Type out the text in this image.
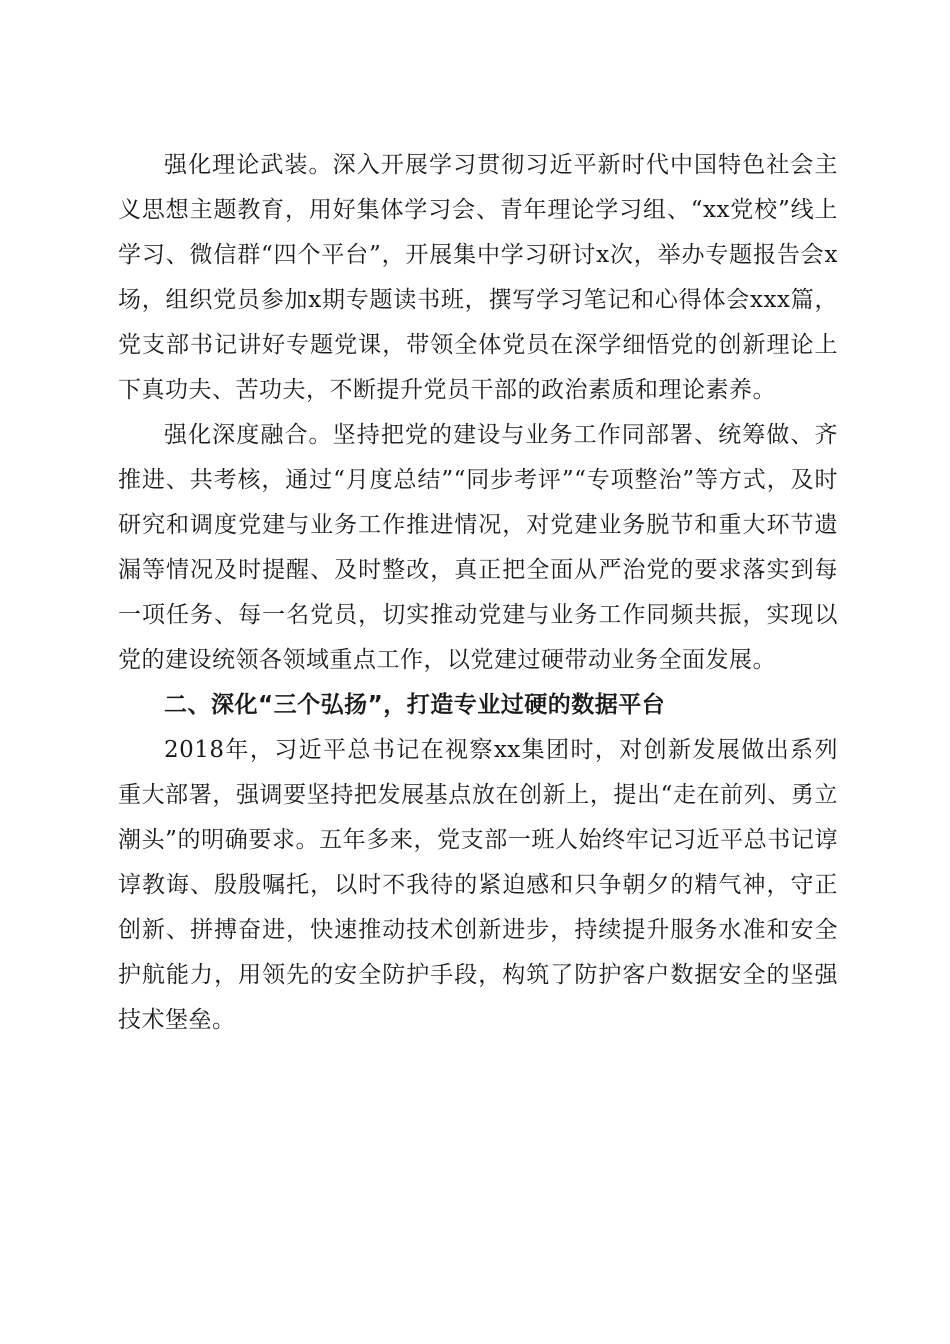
强化理论武装。深入开展学习贯彻习近平新时代中国特色社会主义思想主题教育，用好集体学习会、青年理论学习组、“xx党校”线上学习、微信群“四个平台”，开展集中学习研讨x次，举办专题报告会x场，组织党员参加x期专题读书班，撰写学习笔记和心得体会xxx篇，党支部书记讲好专题党课，带领全体党员在深学细悟党的创新理论上下真功夫、苦功夫，不断提升党员干部的政治素质和理论素养。

强化深度融合。坚持把党的建设与业务工作同部署、统筹做、齐推进、共考核，通过“月度总结”“同步考评”“专项整治”等方式，及时研究和调度党建与业务工作推进情况，对党建业务脱节和重大环节遗漏等情况及时提醒、及时整改，真正把全面从严治党的要求落实到每一项任务、每一名党员，切实推动党建与业务工作同频共振，实现以党的建设统领各领域重点工作，以党建过硬带动业务全面发展。

二、深化“三个弘扬”，打造专业过硬的数据平台

2018年，习近平总书记在视察xx集团时，对创新发展做出系列重大部署，强调要坚持把发展基点放在创新上，提出“走在前列、勇立潮头”的明确要求。五年多来，党支部一班人始终牢记习近平总书记谆谆教诲、殷殷嘱托，以时不我待的紧迫感和只争朝夕的精气神，守正创新、拼搏奋进，快速推动技术创新进步，持续提升服务水准和安全护航能力，用领先的安全防护手段，构筑了防护客户数据安全的坚强技术堡垒。
